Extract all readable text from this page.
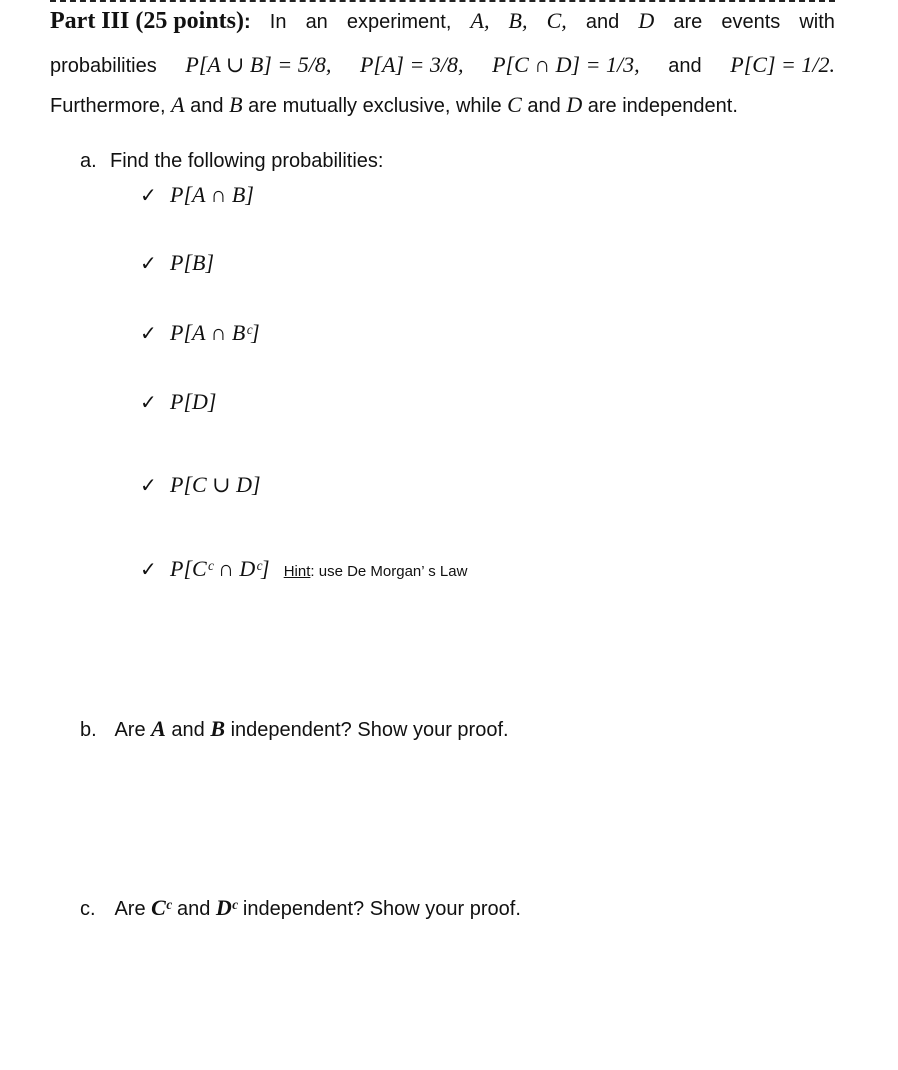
Part III (25 points): In an experiment, A, B, C, and D are events with
probabilities P[A ∪ B] = 5/8, P[A] = 3/8, P[C ∩ D] = 1/3, and P[C] = 1/2.
Furthermore, A and B are mutually exclusive, while C and D are independent.
a. Find the following probabilities:
✓ P[A ∩ B]
✓ P[B]
✓ P[A ∩ Bᶜ]
✓ P[D]
✓ P[C ∪ D]
✓ P[Cᶜ ∩ Dᶜ] Hint: use De Morgan’ s Law
b. Are A and B independent? Show your proof.
c. Are Cᶜ and Dᶜ independent? Show your proof.
